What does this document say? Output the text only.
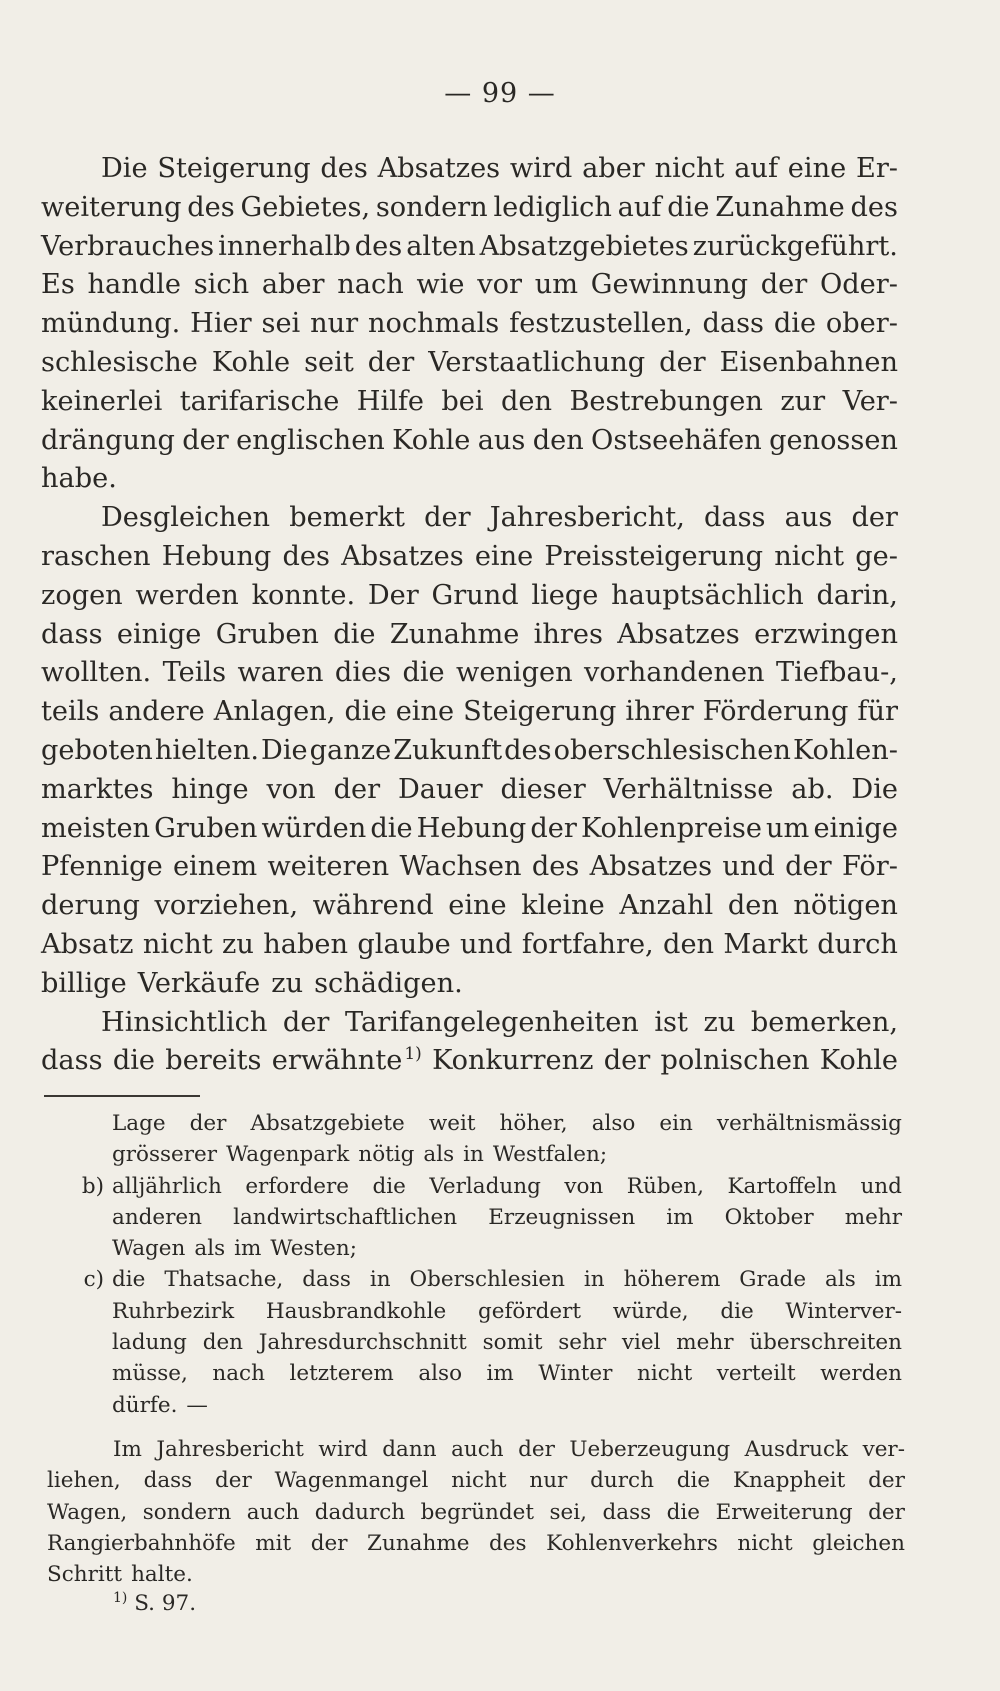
— 99 —
Die Steigerung des Absatzes wird aber nicht auf eine Er-
weiterung des Gebietes, sondern lediglich auf die Zunahme des
Verbrauches innerhalb des alten Absatzgebietes zurückgeführt.
Es handle sich aber nach wie vor um Gewinnung der Oder-
mündung. Hier sei nur nochmals festzustellen, dass die ober-
schlesische Kohle seit der Verstaatlichung der Eisenbahnen
keinerlei tarifarische Hilfe bei den Bestrebungen zur Ver-
drängung der englischen Kohle aus den Ostseehäfen genossen
habe.
Desgleichen bemerkt der Jahresbericht, dass aus der
raschen Hebung des Absatzes eine Preissteigerung nicht ge-
zogen werden konnte. Der Grund liege hauptsächlich darin,
dass einige Gruben die Zunahme ihres Absatzes erzwingen
wollten. Teils waren dies die wenigen vorhandenen Tiefbau-,
teils andere Anlagen, die eine Steigerung ihrer Förderung für
geboten hielten. Die ganze Zukunft des oberschlesischen Kohlen-
marktes hinge von der Dauer dieser Verhältnisse ab. Die
meisten Gruben würden die Hebung der Kohlenpreise um einige
Pfennige einem weiteren Wachsen des Absatzes und der För-
derung vorziehen, während eine kleine Anzahl den nötigen
Absatz nicht zu haben glaube und fortfahre, den Markt durch
billige Verkäufe zu schädigen.
Hinsichtlich der Tarifangelegenheiten ist zu bemerken,
dass die bereits erwähnte $^{1)}$ Konkurrenz der polnischen Kohle
Lage der Absatzgebiete weit höher, also ein verhältnismässig
grösserer Wagenpark nötig als in Westfalen;
b) alljährlich erfordere die Verladung von Rüben, Kartoffeln und
anderen landwirtschaftlichen Erzeugnissen im Oktober mehr
Wagen als im Westen;
c) die Thatsache, dass in Oberschlesien in höherem Grade als im
Ruhrbezirk Hausbrandkohle gefördert würde, die Winterver-
ladung den Jahresdurchschnitt somit sehr viel mehr überschreiten
müsse, nach letzterem also im Winter nicht verteilt werden
dürfe. —
Im Jahresbericht wird dann auch der Ueberzeugung Ausdruck ver-
liehen, dass der Wagenmangel nicht nur durch die Knappheit der
Wagen, sondern auch dadurch begründet sei, dass die Erweiterung der
Rangierbahnhöfe mit der Zunahme des Kohlenverkehrs nicht gleichen
Schritt halte.
$^{1)}$ S. 97.
